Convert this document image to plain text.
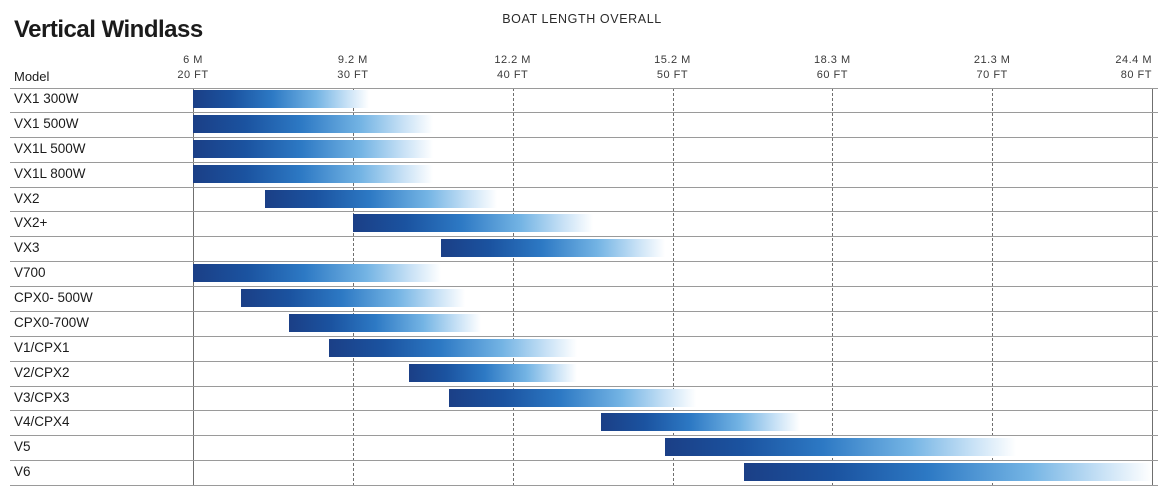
Vertical Windlass	BOAT LENGTH OVERALL
Model
6 M
20 FT
9.2 M
30 FT
12.2 M
40 FT
15.2 M
50 FT
18.3 M
60 FT
21.3 M
70 FT
24.4 M
80 FT
VX1 300W
VX1 500W
VX1L 500W
VX1L 800W
VX2
VX2+
VX3
V700
CPX0- 500W
CPX0-700W
V1/CPX1
V2/CPX2
V3/CPX3
V4/CPX4
V5
V6
